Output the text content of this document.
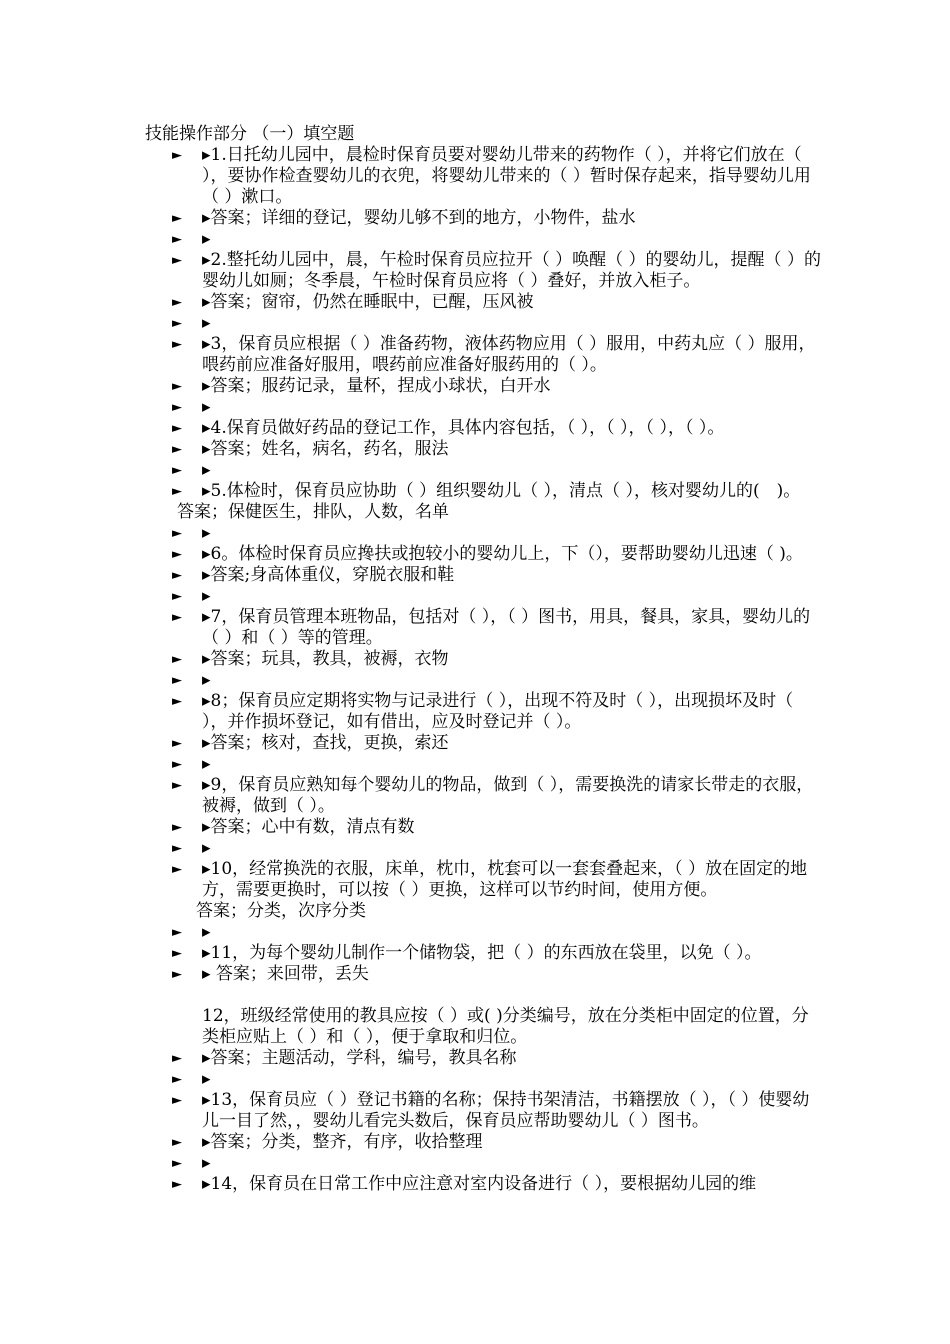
技能操作部分 （一）填空题
► ▸1.日托幼儿园中，晨检时保育员要对婴幼儿带来的药物作（ ），并将它们放在（ ），要协作检查婴幼儿的衣兜，将婴幼儿带来的（ ）暂时保存起来，指导婴幼儿用（ ）漱口。
► ▸答案；详细的登记，婴幼儿够不到的地方，小物件，盐水
► ▸
► ▸2.整托幼儿园中，晨，午检时保育员应拉开（ ）唤醒（ ）的婴幼儿，提醒（ ）的婴幼儿如厕；冬季晨，午检时保育员应将（ ）叠好，并放入柜子。
► ▸答案；窗帘，仍然在睡眠中，已醒，压风被
► ▸
► ▸3，保育员应根据（ ）准备药物，液体药物应用（ ）服用，中药丸应（ ）服用，喂药前应准备好服用，喂药前应准备好服药用的（ ）。
► ▸答案；服药记录，量杯，捏成小球状，白开水
► ▸
► ▸4.保育员做好药品的登记工作，具体内容包括，（ ），（ ），（ ），（ ）。
► ▸答案；姓名，病名，药名，服法
► ▸
► ▸5.体检时，保育员应协助（ ）组织婴幼儿（ ），清点（ ），核对婴幼儿的(　)。
答案；保健医生，排队，人数，名单
► ▸
► ▸6。体检时保育员应搀扶或抱较小的婴幼儿上，下（），要帮助婴幼儿迅速（ )。
► ▸答案;身高体重仪，穿脱衣服和鞋
► ▸
► ▸7，保育员管理本班物品，包括对（ ），（ ）图书，用具，餐具，家具，婴幼儿的（ ）和（ ）等的管理。
► ▸答案；玩具，教具，被褥，衣物
► ▸
► ▸8；保育员应定期将实物与记录进行（ ），出现不符及时（ ），出现损坏及时（ ），并作损坏登记，如有借出，应及时登记并（ ）。
► ▸答案；核对，查找，更换，索还
► ▸
► ▸9，保育员应熟知每个婴幼儿的物品，做到（ ），需要换洗的请家长带走的衣服，被褥，做到（ ）。
► ▸答案；心中有数，清点有数
► ▸
► ▸10，经常换洗的衣服，床单，枕巾，枕套可以一套套叠起来，（ ）放在固定的地方，需要更换时，可以按（ ）更换，这样可以节约时间，使用方便。
答案；分类，次序分类
► ▸
► ▸11，为每个婴幼儿制作一个储物袋，把（ ）的东西放在袋里，以免（ ）。
► ▸ 答案；来回带，丢失
12，班级经常使用的教具应按（ ）或( )分类编号，放在分类柜中固定的位置，分类柜应贴上（ ）和（ ），便于拿取和归位。
► ▸答案；主题活动，学科，编号，教具名称
► ▸
► ▸13，保育员应（ ）登记书籍的名称；保持书架清洁，书籍摆放（ ），（ ）使婴幼儿一目了然，，婴幼儿看完头数后，保育员应帮助婴幼儿（ ）图书。
► ▸答案；分类，整齐，有序，收拾整理
► ▸
► ▸14，保育员在日常工作中应注意对室内设备进行（ ），要根据幼儿园的维
